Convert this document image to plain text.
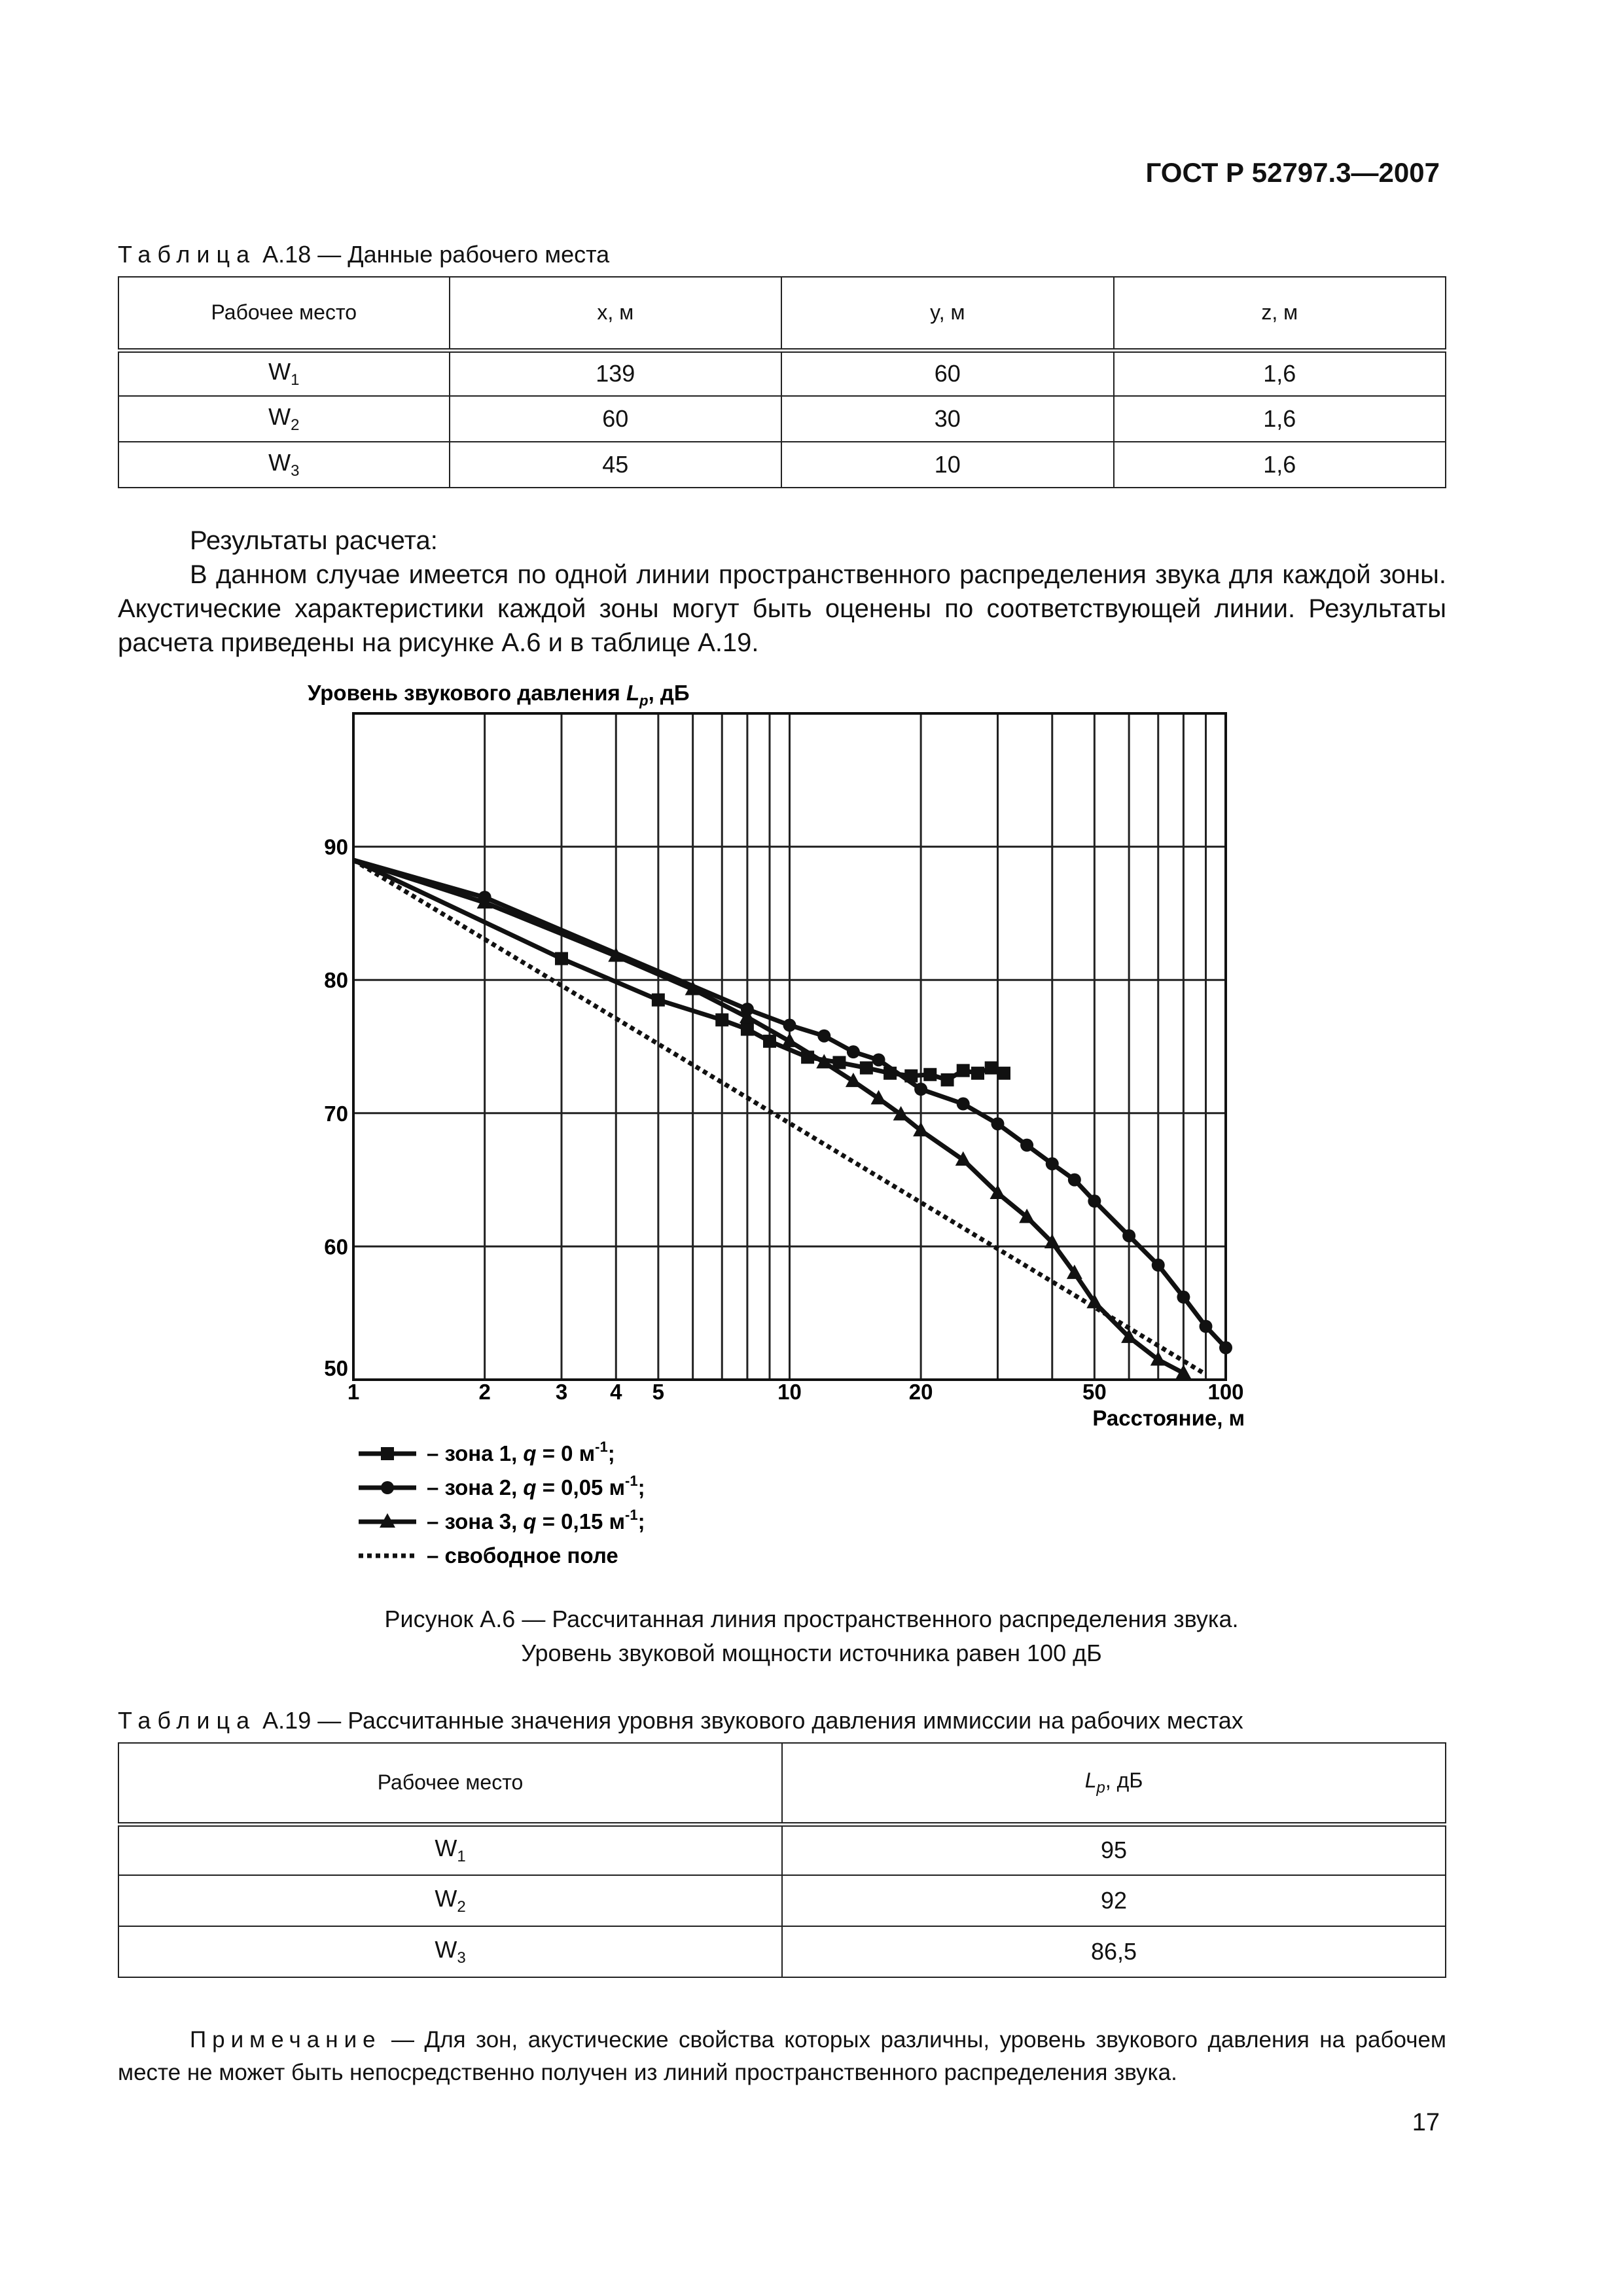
ГОСТ Р 52797.3—2007
Таблица А.18 — Данные рабочего места
Рабочее место	x, м	y, м	z, м
$W_1$	139	60	1,6
$W_2$	60	30	1,6
$W_3$	45	10	1,6
Результаты расчета:
В данном случае имеется по одной линии пространственного распределения звука для каждой зоны. Акустические характеристики каждой зоны могут быть оценены по соответствующей линии. Результаты расчета приведены на рисунке А.6 и в таблице А.19.
Уровень звукового давления $L_p$, дБ
1	2	3 4 5	10	20	50	100
50
60
70
80
90
Расстояние, м
– зона 1, q = 0 $м^{-1}$;
– зона 2, q = 0,05 $м^{-1}$;
– зона 3, q = 0,15 $м^{-1}$;
– свободное поле
Рисунок А.6 — Рассчитанная линия пространственного распределения звука.
Уровень звуковой мощности источника равен 100 дБ
Таблица А.19 — Рассчитанные значения уровня звукового давления иммиссии на рабочих местах
Рабочее место	$L_p$, дБ
$W_1$	95
$W_2$	92
$W_3$	86,5
Примечание — Для зон, акустические свойства которых различны, уровень звукового давления на рабочем месте не может быть непосредственно получен из линий пространственного распределения звука.
17
